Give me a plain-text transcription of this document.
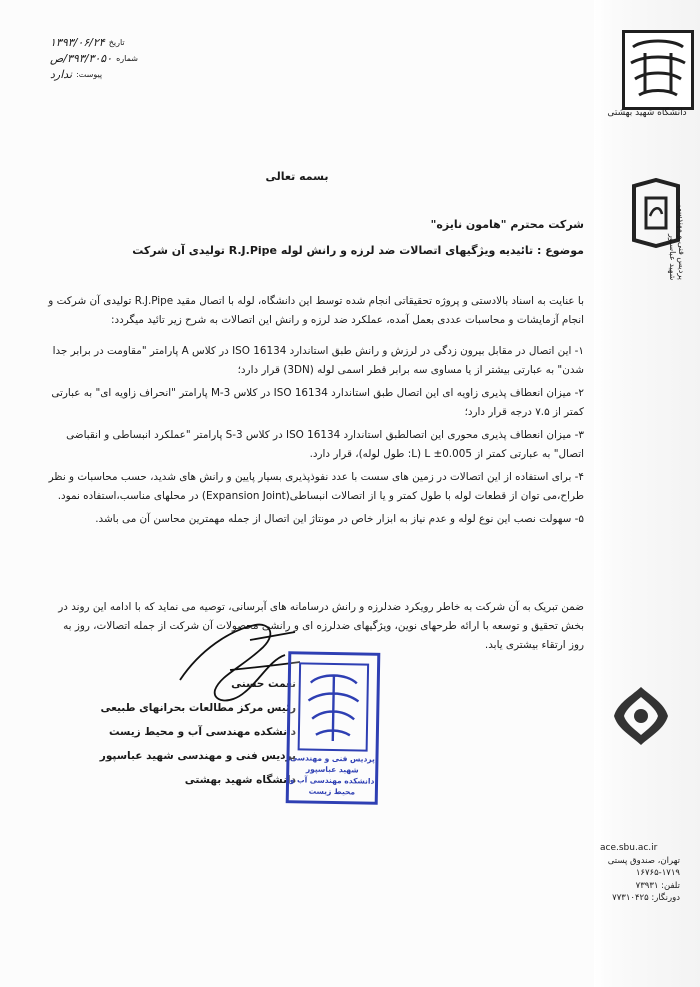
تاریخ
۱۳۹۳/۰۶/۲۴
شماره
۳۹۳/۳۰۵۰/ص
پیوست:
ندارد
بسمه تعالی
شرکت محترم "هامون نایزه"
موضوع : تائیدیه ویژگیهای اتصالات ضد لرزه و رانش لوله R.J.Pipe تولیدی آن شرکت
با عنایت به اسناد بالادستی و پروژه تحقیقاتی انجام شده توسط این دانشگاه، لوله با اتصال مقید R.J.Pipe تولیدی آن شرکت و انجام آزمایشات و محاسبات عددی بعمل آمده، عملکرد ضد لرزه و رانش این اتصالات به شرح زیر تائید میگردد:
۱- این اتصال در مقابل بیرون زدگی در لرزش و رانش طبق استاندارد ISO 16134 در کلاس A پارامتر "مقاومت در برابر جدا شدن" به عبارتی بیشتر از یا مساوی سه برابر قطر اسمی لوله (3DN) قرار دارد؛
۲- میزان انعطاف پذیری زاویه ای این اتصال طبق استاندارد ISO 16134 در کلاس M-3 پارامتر "انحراف زاویه ای" به عبارتی کمتر از ۷.۵ درجه قرار دارد؛
۳- میزان انعطاف پذیری محوری این اتصالطبق استاندارد ISO 16134 در کلاس S-3 پارامتر "عملکرد انبساطی و انقباضی اتصال" به عبارتی کمتر از L ±0.005 (L: طول لوله)، قرار دارد.
۴- برای استفاده از این اتصالات در زمین های سست با عدد نفوذپذیری بسیار پایین و رانش های شدید، حسب محاسبات و نظر طراح،می توان از قطعات لوله با طول کمتر و یا از اتصالات انبساطی(Expansion Joint) در محلهای مناسب،استفاده نمود.
۵- سهولت نصب این نوع لوله و عدم نیاز به ابزار خاص در مونتاژ این اتصال از جمله مهمترین محاسن آن می باشد.
ضمن تبریک به آن شرکت به خاطر رویکرد ضدلرزه و رانش درسامانه های آبرسانی، توصیه می نماید که با ادامه این روند در بخش تحقیق و توسعه با ارائه طرحهای نوین، ویژگیهای ضدلرزه ای و رانشی محصولات آن شرکت از جمله اتصالات، روز به روز ارتقاء بیشتری یابد.
نعمت حسنی
رئیس مرکز مطالعات بحرانهای طبیعی
دانشکده مهندسی آب و محیط زیست
پردیس فنی و مهندسی شهید عباسپور
دانشگاه شهید بهشتی
پردیس فنی و مهندسی
شهید عباسپور
دانشکده مهندسی آب و محیط زیست
دانشگاه شهید بهشتی
پردیس فنی و مهندسی شهید عباسپور
ace.sbu.ac.ir
تهران، صندوق پستی
۱۶۷۶۵-۱۷۱۹
تلفن: ۷۳۹۳۱
دورنگار: ۷۷۳۱۰۴۲۵
